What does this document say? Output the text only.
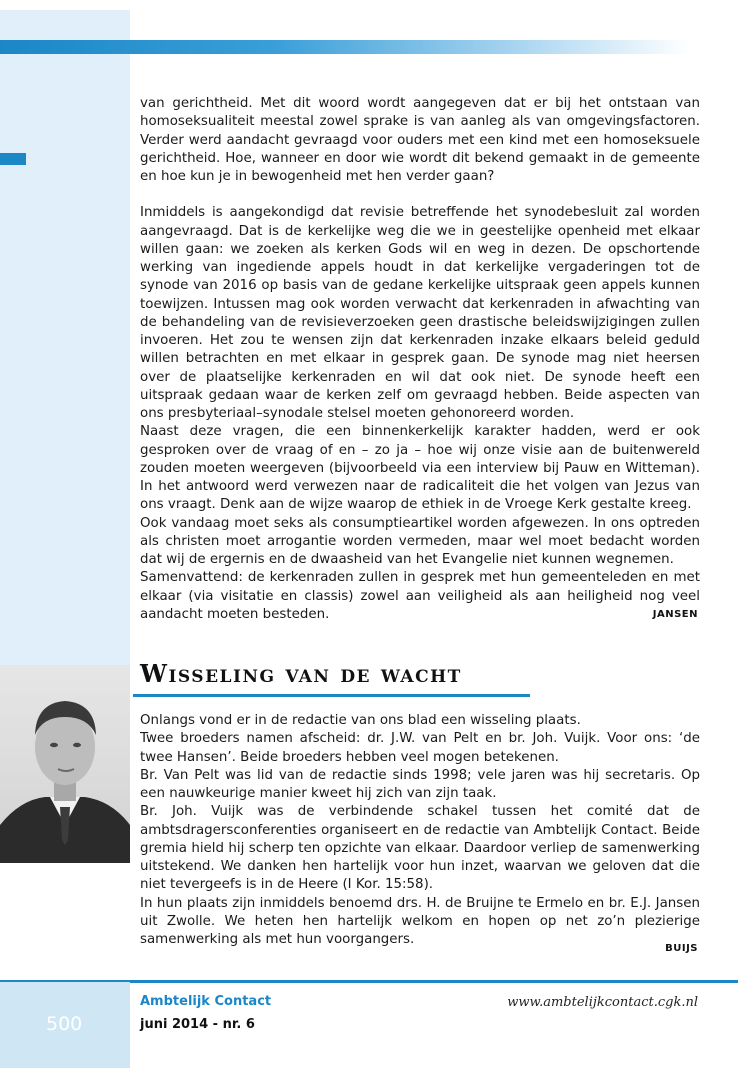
van gerichtheid. Met dit woord wordt aangegeven dat er bij het ontstaan van homoseksualiteit meestal zowel sprake is van aanleg als van omgevingsfactoren. Verder werd aandacht gevraagd voor ouders met een kind met een homoseksuele gerichtheid. Hoe, wanneer en door wie wordt dit bekend gemaakt in de gemeente en hoe kun je in bewogenheid met hen verder gaan?

Inmiddels is aangekondigd dat revisie betreffende het synodebesluit zal worden aangevraagd. Dat is de kerkelijke weg die we in geestelijke openheid met elkaar willen gaan: we zoeken als kerken Gods wil en weg in dezen. De opschortende werking van ingediende appels houdt in dat kerkelijke vergaderingen tot de synode van 2016 op basis van de gedane kerkelijke uitspraak geen appels kunnen toewijzen. Intussen mag ook worden verwacht dat kerkenraden in afwachting van de behandeling van de revisieverzoeken geen drastische beleidswijzigingen zullen invoeren. Het zou te wensen zijn dat kerkenraden inzake elkaars beleid geduld willen betrachten en met elkaar in gesprek gaan. De synode mag niet heersen over de plaatselijke kerkenraden en wil dat ook niet. De synode heeft een uitspraak gedaan waar de kerken zelf om gevraagd hebben. Beide aspecten van ons presbyteriaal–synodale stelsel moeten gehonoreerd worden.

Naast deze vragen, die een binnenkerkelijk karakter hadden, werd er ook gesproken over de vraag of en – zo ja – hoe wij onze visie aan de buitenwereld zouden moeten weergeven (bijvoorbeeld via een interview bij Pauw en Witteman). In het antwoord werd verwezen naar de radicaliteit die het volgen van Jezus van ons vraagt. Denk aan de wijze waarop de ethiek in de Vroege Kerk gestalte kreeg.

Ook vandaag moet seks als consumptieartikel worden afgewezen. In ons optreden als christen moet arrogantie worden vermeden, maar wel moet bedacht worden dat wij de ergernis en de dwaasheid van het Evangelie niet kunnen wegnemen.

Samenvattend: de kerkenraden zullen in gesprek met hun gemeenteleden en met elkaar (via visitatie en classis) zowel aan veiligheid als aan heiligheid nog veel aandacht moeten besteden.	JANSEN
Wisseling van de wacht

Onlangs vond er in de redactie van ons blad een wisseling plaats.

Twee broeders namen afscheid: dr. J.W. van Pelt en br. Joh. Vuijk. Voor ons: ‘de twee Hansen’. Beide broeders hebben veel mogen betekenen.

Br. Van Pelt was lid van de redactie sinds 1998; vele jaren was hij secretaris. Op een nauwkeurige manier kweet hij zich van zijn taak.

Br. Joh. Vuijk was de verbindende schakel tussen het comité dat de ambtsdragersconferenties organiseert en de redactie van Ambtelijk Contact. Beide gremia hield hij scherp ten opzichte van elkaar. Daardoor verliep de samenwerking uitstekend. We danken hen hartelijk voor hun inzet, waarvan we geloven dat die niet tevergeefs is in de Heere (I Kor. 15:58).

In hun plaats zijn inmiddels benoemd drs. H. de Bruijne te Ermelo en br. E.J. Jansen uit Zwolle. We heten hen hartelijk welkom en hopen op net zo’n plezierige samenwerking als met hun voorgangers.

BUIJS
500
Ambtelijk Contact
juni 2014 - nr. 6
www.ambtelijkcontact.cgk.nl
